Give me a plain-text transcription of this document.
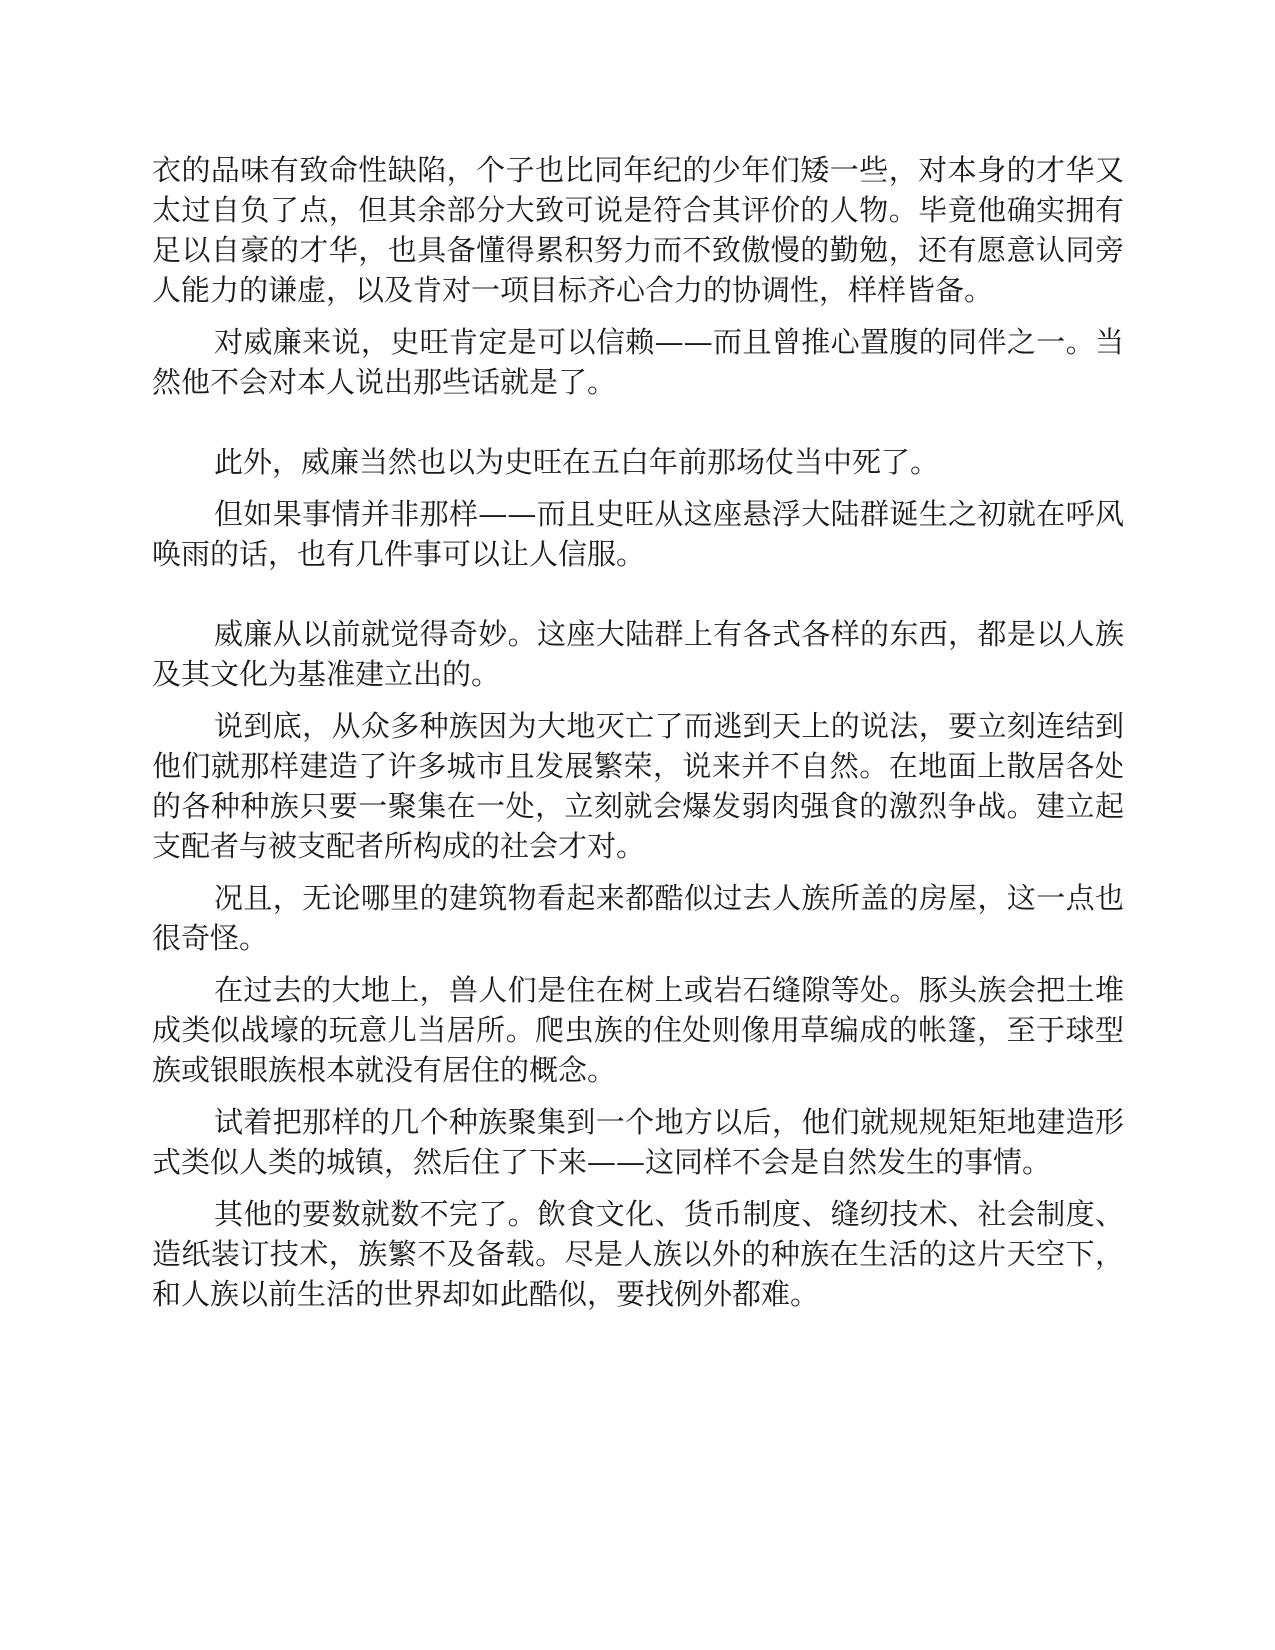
衣的品味有致命性缺陷，个子也比同年纪的少年们矮一些，对本身的才华又太过自负了点，但其余部分大致可说是符合其评价的人物。毕竟他确实拥有足以自豪的才华，也具备懂得累积努力而不致傲慢的勤勉，还有愿意认同旁人能力的谦虚，以及肯对一项目标齐心合力的协调性，样样皆备。

对威廉来说，史旺肯定是可以信赖——而且曾推心置腹的同伴之一。当然他不会对本人说出那些话就是了。

此外，威廉当然也以为史旺在五白年前那场仗当中死了。

但如果事情并非那样——而且史旺从这座悬浮大陆群诞生之初就在呼风唤雨的话，也有几件事可以让人信服。

威廉从以前就觉得奇妙。这座大陆群上有各式各样的东西，都是以人族及其文化为基准建立出的。

说到底，从众多种族因为大地灭亡了而逃到天上的说法，要立刻连结到他们就那样建造了许多城市且发展繁荣，说来并不自然。在地面上散居各处的各种种族只要一聚集在一处，立刻就会爆发弱肉强食的激烈争战。建立起支配者与被支配者所构成的社会才对。

况且，无论哪里的建筑物看起来都酷似过去人族所盖的房屋，这一点也很奇怪。

在过去的大地上，兽人们是住在树上或岩石缝隙等处。豚头族会把土堆成类似战壕的玩意儿当居所。爬虫族的住处则像用草编成的帐篷，至于球型族或银眼族根本就没有居住的概念。

试着把那样的几个种族聚集到一个地方以后，他们就规规矩矩地建造形式类似人类的城镇，然后住了下来——这同样不会是自然发生的事情。

其他的要数就数不完了。飲食文化、货币制度、缝纫技术、社会制度、造纸装订技术，族繁不及备载。尽是人族以外的种族在生活的这片天空下，和人族以前生活的世界却如此酷似，要找例外都难。
